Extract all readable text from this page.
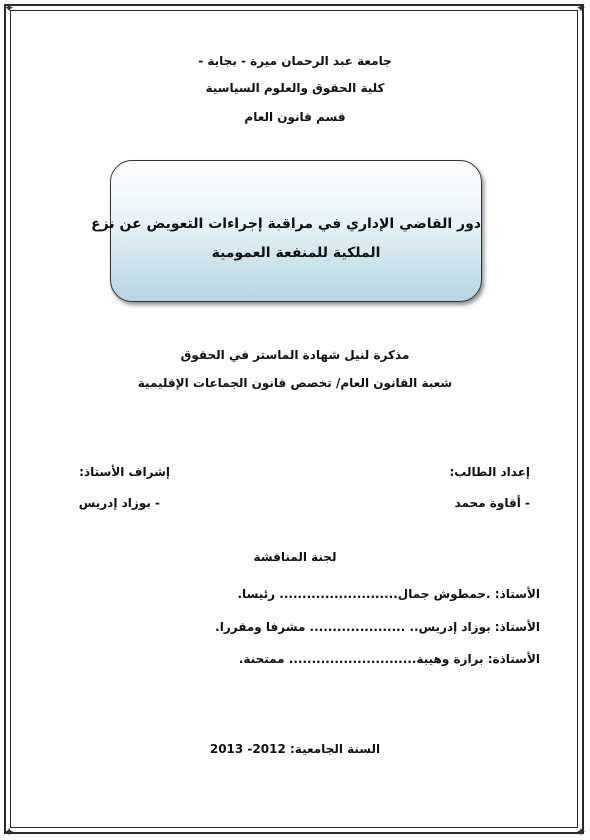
✦	✦
✦	✦
جامعة عبد الرحمان ميرة - بجاية -
كلية الحقوق والعلوم السياسية
قسم قانون العام
دور القاضي الإداري في مراقبة إجراءات التعويض عن نزع
الملكية للمنفعة العمومية
مذكرة لنيل شهادة الماستر في الحقوق
شعبة القانون العام/ تخصص قانون الجماعات الإقليمية
إعداد الطالب:
- أقاوة محمد
إشراف الأستاذ:
- بوزاد إدريس
لجنة المناقشة
الأستاذ: .حمطوش جمال.......................... رئيسا.
الأستاذ: بوزاد إدريس.. ..................... مشرفا ومقررا.
الأستاذة: برازة وهيبة............................ ممتحنة.
السنة الجامعية: 2012- 2013
